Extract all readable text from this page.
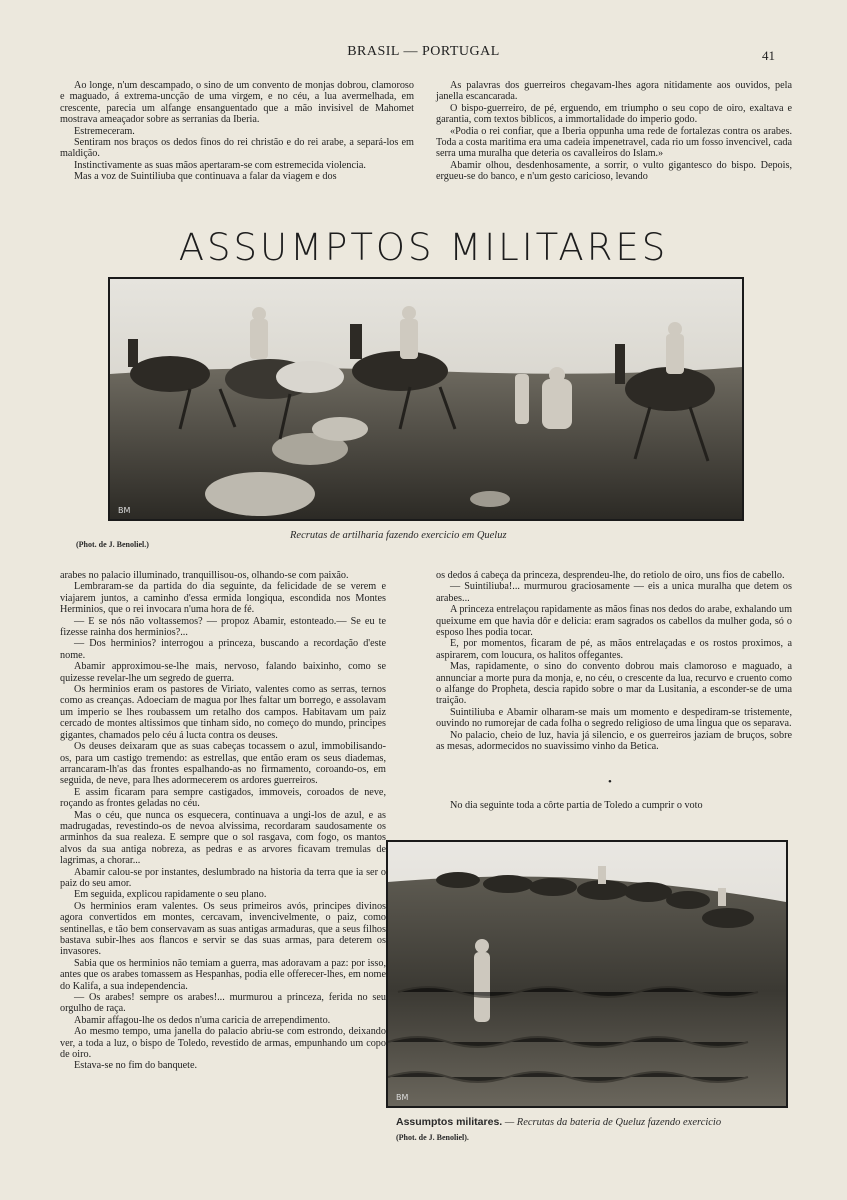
BRASIL — PORTUGAL	41

Ao longe, n'um descampado, o sino de um convento de monjas dobrou, clamoroso e maguado, á extrema-uncção de uma virgem, e no céu, a lua avermelhada, em crescente, parecia um alfange ensanguentado que a mão invisivel de Mahomet mostrava ameaçador sobre as serranias da Iberia.

Estremeceram.

Sentiram nos braços os dedos finos do rei christão e do rei arabe, a separá-los em maldição.

Instinctivamente as suas mãos apertaram-se com estremecida violencia.

Mas a voz de Suintiliuba que continuava a falar da viagem e dos

As palavras dos guerreiros chegavam-lhes agora nitidamente aos ouvidos, pela janella escancarada.

O bispo-guerreiro, de pé, erguendo, em triumpho o seu copo de oiro, exaltava e garantia, com textos biblicos, a immortalidade do imperio godo.

«Podia o rei confiar, que a Iberia oppunha uma rede de fortalezas contra os arabes. Toda a costa maritima era uma cadeia impenetravel, cada rio um fosso invencivel, cada serra uma muralha que deteria os cavalleiros do Islam.»

Abamir olhou, desdenhosamente, a sorrir, o vulto gigantesco do bispo. Depois, ergueu-se do banco, e n'um gesto caricioso, levando

ASSUMPTOS MILITARES
BM
(Phot. de J. Benoliel.)
Recrutas de artilharia fazendo exercicio em Queluz

arabes no palacio illuminado, tranquillisou-os, olhando-se com paixão.

Lembraram-se da partida do dia seguinte, da felicidade de se verem e viajarem juntos, a caminho d'essa ermida longiqua, escondida nos Montes Herminios, que o rei invocara n'uma hora de fé.

— E se nós não voltassemos? — propoz Abamir, estonteado.— Se eu te fizesse rainha dos herminios?...

— Dos herminios? interrogou a princeza, buscando a recordação d'este nome.

Abamir approximou-se-lhe mais, nervoso, falando baixinho, como se quizesse revelar-lhe um segredo de guerra.

Os herminios eram os pastores de Viriato, valentes como as serras, ternos como as creanças. Adoeciam de magua por lhes faltar um borrego, e assolavam um imperio se lhes roubassem um retalho dos campos. Habitavam um paiz cercado de montes altissimos que tinham sido, no começo do mundo, principes gigantes, chamados pelo céu á lucta contra os deuses.

Os deuses deixaram que as suas cabeças tocassem o azul, immobilisando-os, para um castigo tremendo: as estrellas, que então eram os seus diademas, arrancaram-lh'as das frontes espalhando-as no firmamento, coroando-os, em seguida, de neve, para lhes adormecerem os ardores guerreiros.

E assim ficaram para sempre castigados, immoveis, coroados de neve, roçando as frontes geladas no céu.

Mas o céu, que nunca os esquecera, continuava a ungi-los de azul, e as madrugadas, revestindo-os de nevoa alvissima, recordaram saudosamente os arminhos da sua realeza. E sempre que o sol rasgava, com fogo, os mantos alvos da sua antiga nobreza, as pedras e as arvores ficavam tremulas de lagrimas, a chorar...

Abamir calou-se por instantes, deslumbrado na historia da terra que ia ser o paiz do seu amor.

Em seguida, explicou rapidamente o seu plano.

Os herminios eram valentes. Os seus primeiros avós, principes divinos agora convertidos em montes, cercavam, invencivelmente, o paiz, como sentinellas, e tão bem conservavam as suas antigas armaduras, que a seus filhos bastava subir-lhes aos flancos e servir se das suas armas, para deterem os invasores.

Sabia que os herminios não temiam a guerra, mas adoravam a paz: por isso, antes que os arabes tomassem as Hespanhas, podia elle offerecer-lhes, em nome do Kalifa, a sua independencia.

— Os arabes! sempre os arabes!... murmurou a princeza, ferida no seu orgulho de raça.

Abamir affagou-lhe os dedos n'uma caricia de arrependimento.

Ao mesmo tempo, uma janella do palacio abriu-se com estrondo, deixando ver, a toda a luz, o bispo de Toledo, revestido de armas, empunhando um copo de oiro.

Estava-se no fim do banquete.

os dedos á cabeça da princeza, desprendeu-lhe, do retiolo de oiro, uns fios de cabello.

— Suintiliuba!... murmurou graciosamente — eis a unica muralha que detem os arabes...

A princeza entrelaçou rapidamente as mãos finas nos dedos do arabe, exhalando um queixume em que havia dôr e delicia: eram sagrados os cabellos da mulher goda, só o esposo lhes podia tocar.

E, por momentos, ficaram de pé, as mãos entrelaçadas e os rostos proximos, a aspirarem, com loucura, os halitos offegantes.

Mas, rapidamente, o sino do convento dobrou mais clamoroso e maguado, a annunciar a morte pura da monja, e, no céu, o crescente da lua, recurvo e cruento como o alfange do Propheta, descia rapido sobre o mar da Lusitania, a esconder-se de uma traição.

Suintiliuba e Abamir olharam-se mais um momento e despediram-se tristemente, ouvindo no rumorejar de cada folha o segredo religioso de uma lingua que os separava.

No palacio, cheio de luz, havia já silencio, e os guerreiros jaziam de bruços, sobre as mesas, adormecidos no suavissimo vinho da Betica.

•

No dia seguinte toda a côrte partia de Toledo a cumprir o voto

BM
Assumptos militares. — Recrutas da bateria de Queluz fazendo exercicio
(Phot. de J. Benoliel).
